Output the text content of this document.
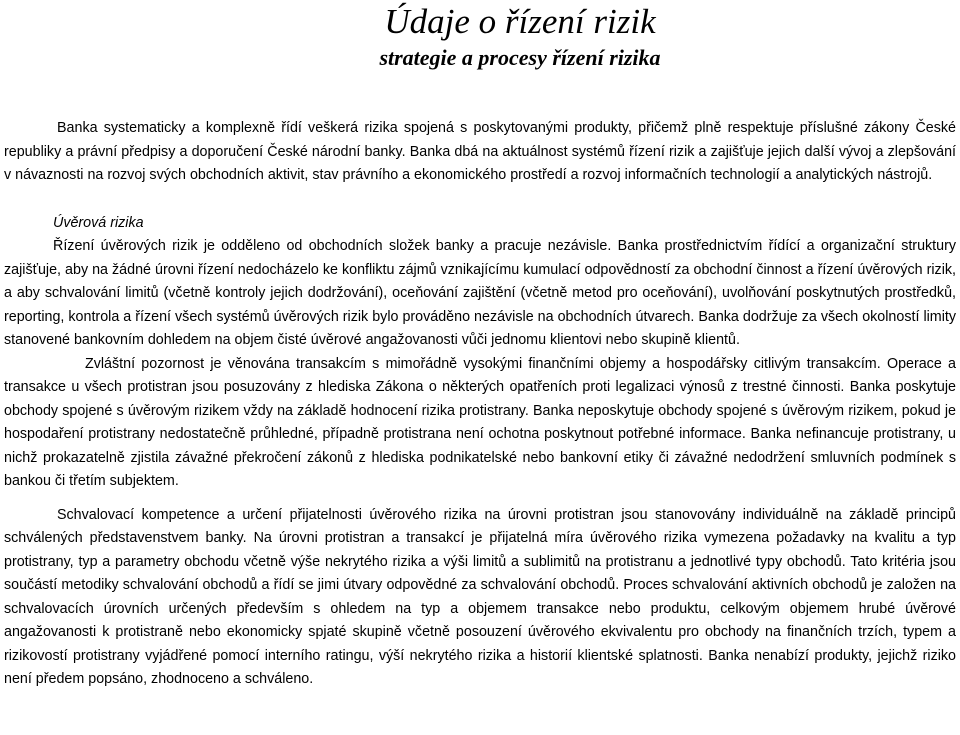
Údaje o řízení rizik
strategie a procesy řízení rizika

Banka systematicky a komplexně řídí veškerá rizika spojená s poskytovanými produkty, přičemž plně respektuje příslušné zákony České republiky a právní předpisy a doporučení České národní banky. Banka dbá na aktuálnost systémů řízení rizik a zajišťuje jejich další vývoj a zlepšování v návaznosti na rozvoj svých obchodních aktivit, stav právního a ekonomického prostředí a rozvoj informačních technologií a analytických nástrojů.

Úvěrová rizika

Řízení úvěrových rizik je odděleno od obchodních složek banky a pracuje nezávisle. Banka prostřednictvím řídící a organizační struktury zajišťuje, aby na žádné úrovni řízení nedocházelo ke konfliktu zájmů vznikajícímu kumulací odpovědností za obchodní činnost a řízení úvěrových rizik, a aby schvalování limitů (včetně kontroly jejich dodržování), oceňování zajištění (včetně metod pro oceňování), uvolňování poskytnutých prostředků, reporting, kontrola a řízení všech systémů úvěrových rizik bylo prováděno nezávisle na obchodních útvarech. Banka dodržuje za všech okolností limity stanovené bankovním dohledem na objem čisté úvěrové angažovanosti vůči jednomu klientovi nebo skupině klientů.

Zvláštní pozornost je věnována transakcím s mimořádně vysokými finančními objemy a hospodářsky citlivým transakcím. Operace a transakce u všech protistran jsou posuzovány z hlediska Zákona o některých opatřeních proti legalizaci výnosů z trestné činnosti. Banka poskytuje obchody spojené s úvěrovým rizikem vždy na základě hodnocení rizika protistrany. Banka neposkytuje obchody spojené s úvěrovým rizikem, pokud je hospodaření protistrany nedostatečně průhledné, případně protistrana není ochotna poskytnout potřebné informace. Banka nefinancuje protistrany, u nichž prokazatelně zjistila závažné překročení zákonů z hlediska podnikatelské nebo bankovní etiky či závažné nedodržení smluvních podmínek s bankou či třetím subjektem.

Schvalovací kompetence a určení přijatelnosti úvěrového rizika na úrovni protistran jsou stanovovány individuálně na základě principů schválených představenstvem banky. Na úrovni protistran a transakcí je přijatelná míra úvěrového rizika vymezena požadavky na kvalitu a typ protistrany, typ a parametry obchodu včetně výše nekrytého rizika a výši limitů a sublimitů na protistranu a jednotlivé typy obchodů. Tato kritéria jsou součástí metodiky schvalování obchodů a řídí se jimi útvary odpovědné za schvalování obchodů. Proces schvalování aktivních obchodů je založen na schvalovacích úrovních určených především s ohledem na typ a objemem transakce nebo produktu, celkovým objemem hrubé úvěrové angažovanosti k protistraně nebo ekonomicky spjaté skupině včetně posouzení úvěrového ekvivalentu pro obchody na finančních trzích, typem a rizikovostí protistrany vyjádřené pomocí interního ratingu, výší nekrytého rizika a historií klientské splatnosti. Banka nenabízí produkty, jejichž riziko není předem popsáno, zhodnoceno a schváleno.
